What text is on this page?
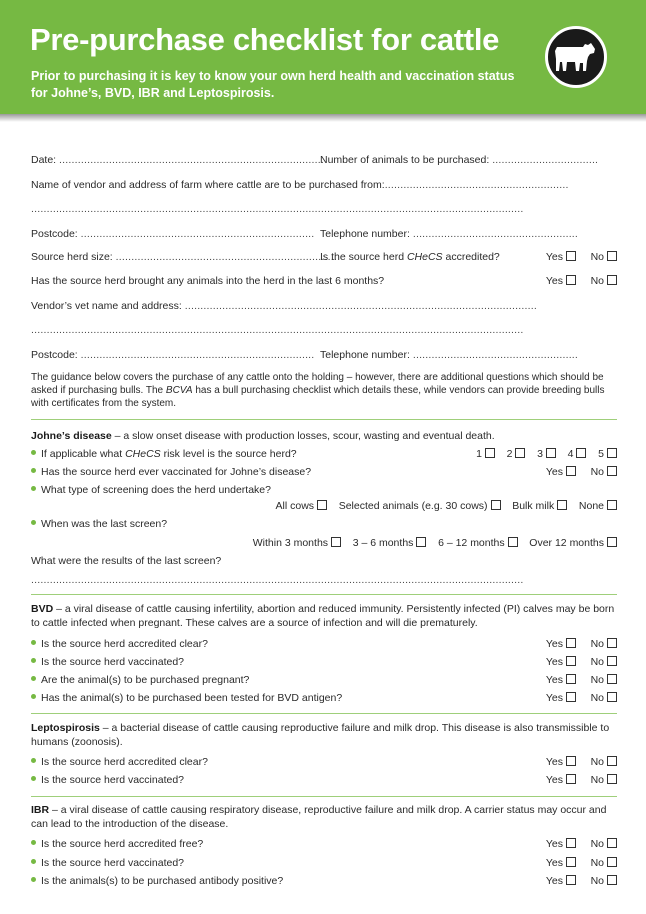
Pre-purchase checklist for cattle
Prior to purchasing it is key to know your own herd health and vaccination status for Johne’s, BVD, IBR and Leptospirosis.
Date: .....................................................................................
Number of animals to be purchased: ..................................
Name of vendor and address of farm where cattle are to be purchased from:...........................................................
..............................................................................................................................................................
Postcode: ........................................................................... Telephone number: .....................................................
Source herd size: .......................................................................
Is the source herd CHeCS accredited?	Yes	No
Has the source herd brought any animals into the herd in the last 6 months?	Yes	No
Vendor’s vet name and address: .................................................................................................................
..............................................................................................................................................................
Postcode: ........................................................................... Telephone number: .....................................................
The guidance below covers the purchase of any cattle onto the holding – however, there are additional questions which should be asked if purchasing bulls. The BCVA has a bull purchasing checklist which details these, while vendors can provide breeding bulls with certificates from the system.
Johne’s disease – a slow onset disease with production losses, scour, wasting and eventual death.
If applicable what CHeCS risk level is the source herd?	1 2 3 4 5
Has the source herd ever vaccinated for Johne’s disease?	Yes	No
What type of screening does the herd undertake?
All cows Selected animals (e.g. 30 cows) Bulk milk None
When was the last screen?
Within 3 months 3 – 6 months 6 – 12 months Over 12 months
What were the results of the last screen?
..............................................................................................................................................................
BVD – a viral disease of cattle causing infertility, abortion and reduced immunity. Persistently infected (PI) calves may be born to cattle infected when pregnant. These calves are a source of infection and will die prematurely.
Is the source herd accredited clear?	Yes	No
Is the source herd vaccinated?	Yes	No
Are the animal(s) to be purchased pregnant?	Yes	No
Has the animal(s) to be purchased been tested for BVD antigen?	Yes	No
Leptospirosis – a bacterial disease of cattle causing reproductive failure and milk drop. This disease is also transmissible to humans (zoonosis).
Is the source herd accredited clear?	Yes	No
Is the source herd vaccinated?	Yes	No
IBR – a viral disease of cattle causing respiratory disease, reproductive failure and milk drop. A carrier status may occur and can lead to the introduction of the disease.
Is the source herd accredited free?	Yes	No
Is the source herd vaccinated?	Yes	No
Is the animals(s) to be purchased antibody positive?	Yes	No
